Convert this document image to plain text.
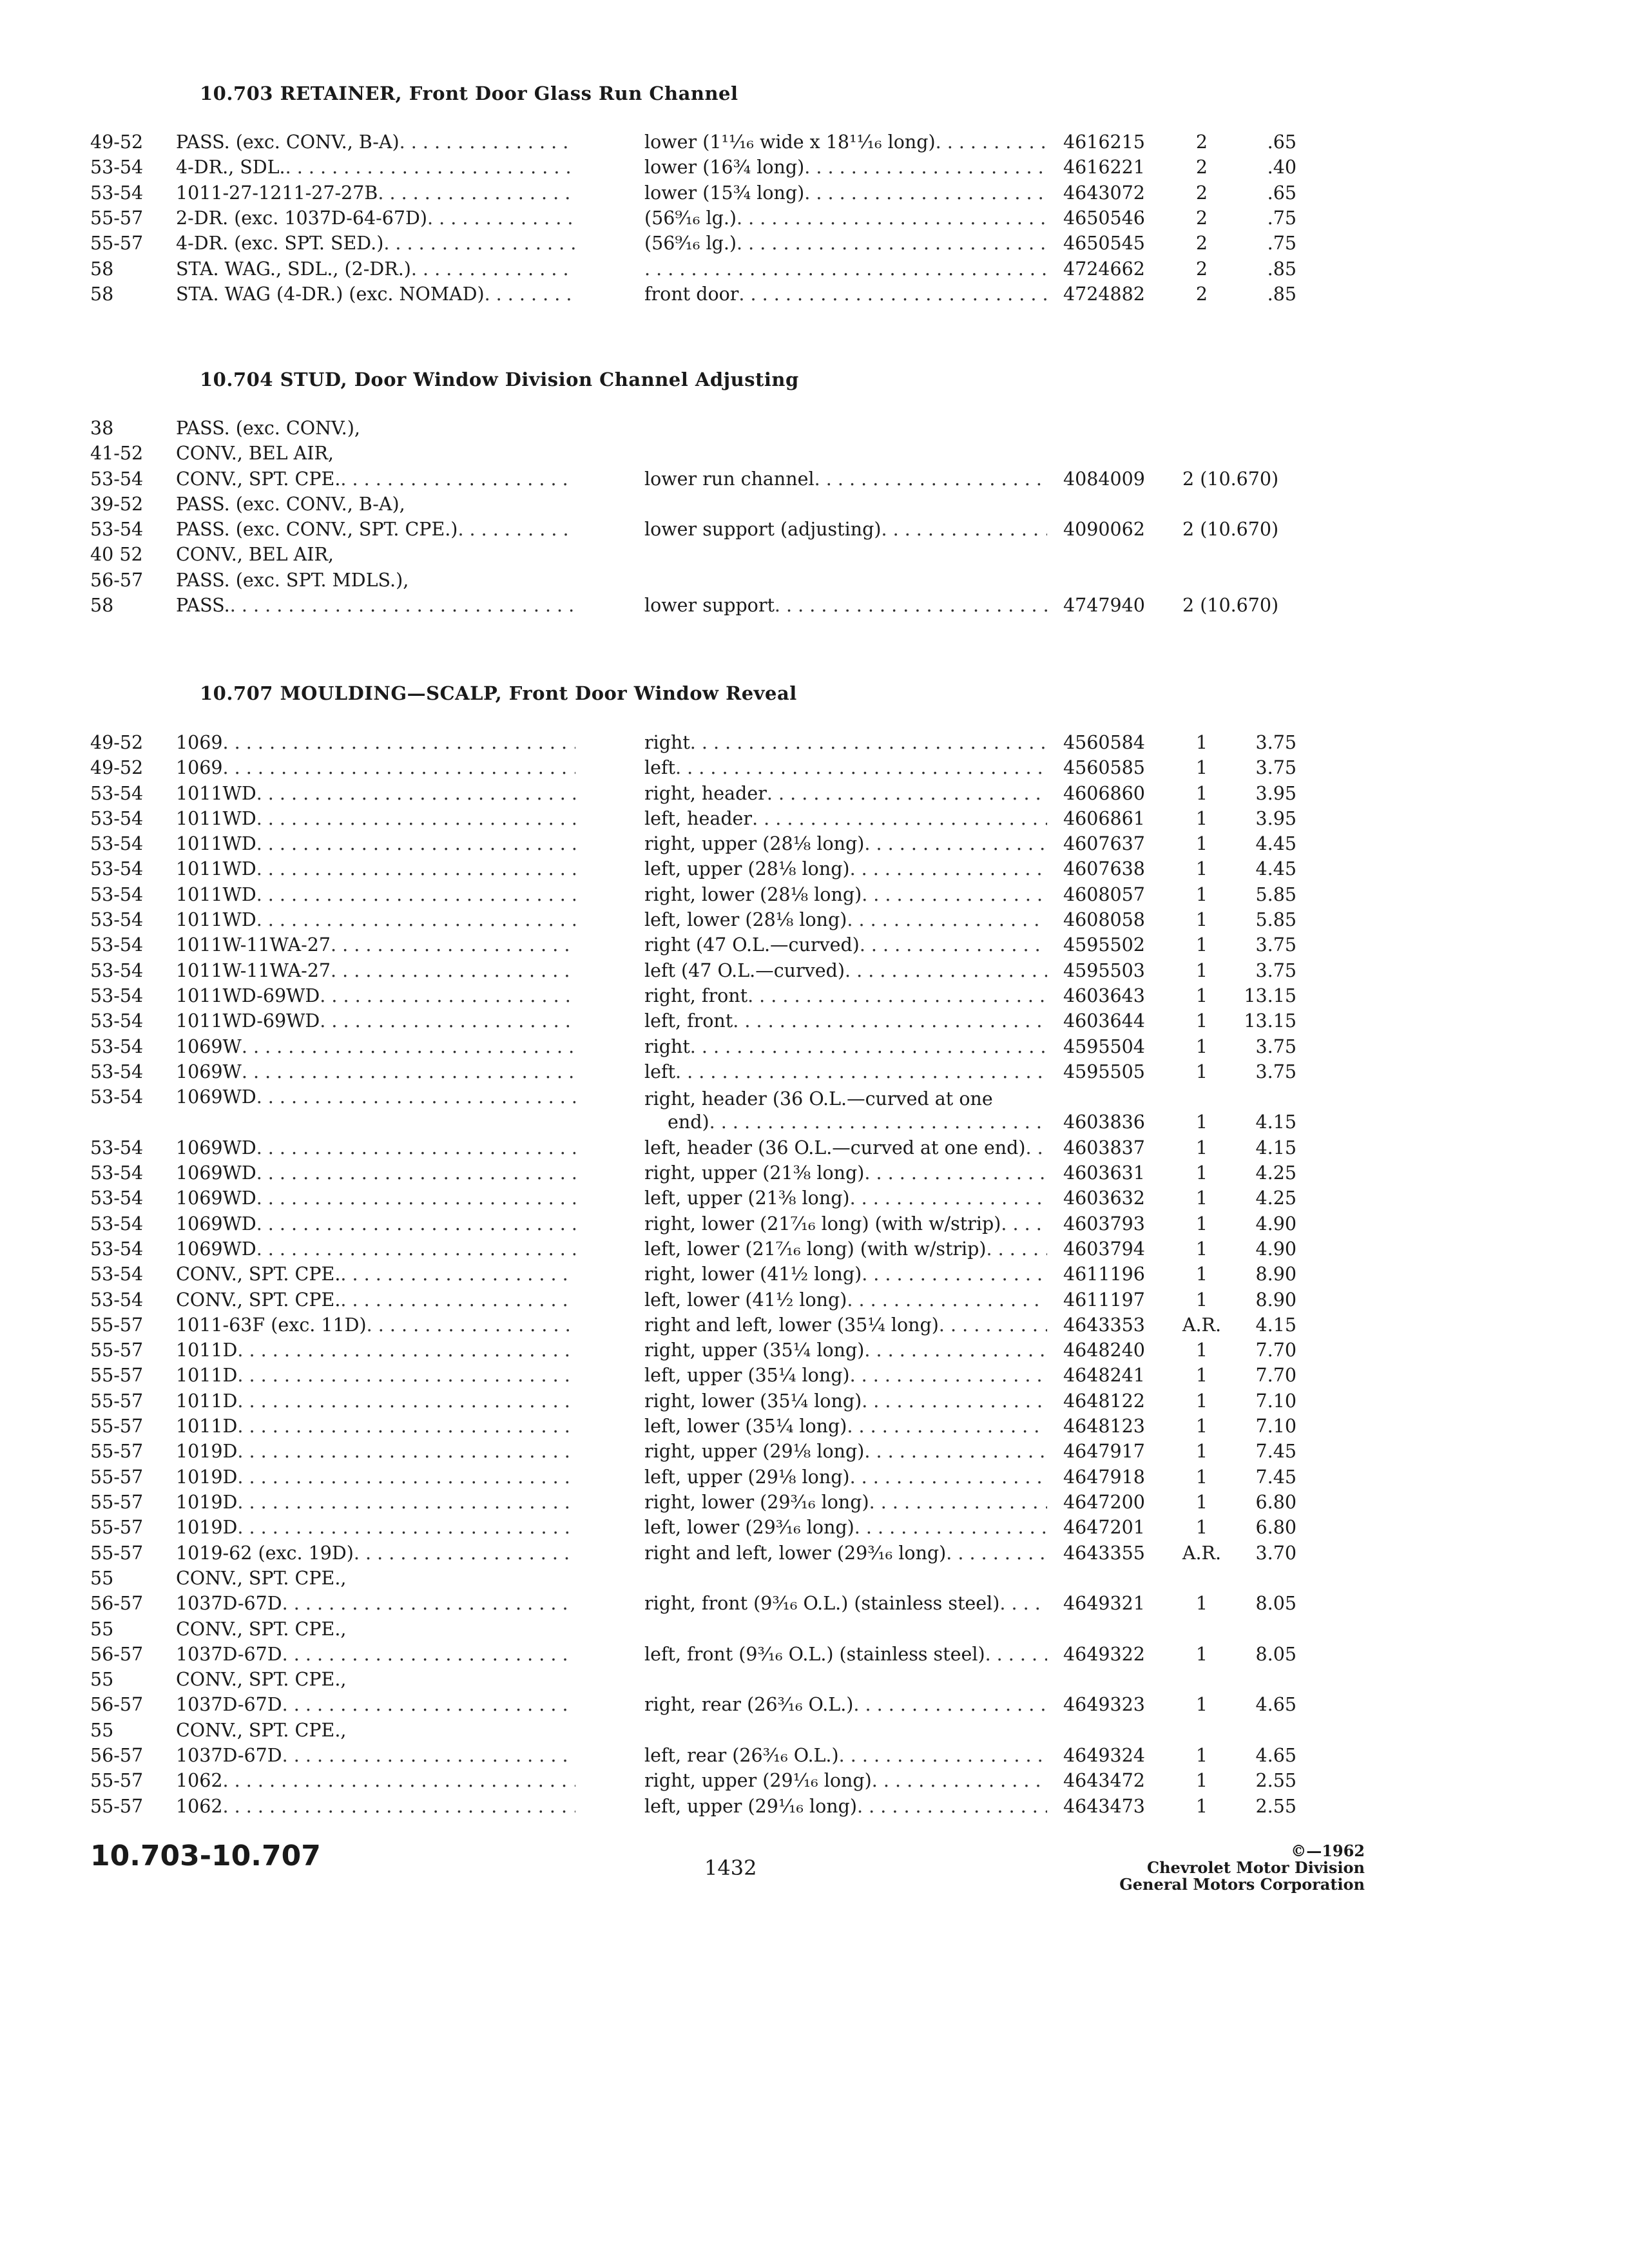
10.703 RETAINER, Front Door Glass Run Channel
49-52	PASS. (exc. CONV., B-A) . . .	lower (1¹¹⁄₁₆ wide x 18¹¹⁄₁₆ long) . . .	4616215	2	.65
53-54	4-DR., SDL. . . .	lower (16¾ long) . . .	4616221	2	.40
53-54	1011-27-1211-27-27B . . .	lower (15¾ long) . . .	4643072	2	.65
55-57	2-DR. (exc. 1037D-64-67D) . . .	(56⁹⁄₁₆ lg.) . . .	4650546	2	.75
55-57	4-DR. (exc. SPT. SED.) . . .	(56⁹⁄₁₆ lg.) . . .	4650545	2	.75
58	STA. WAG., SDL., (2-DR.) . . . . . .	4724662	2	.85
58	STA. WAG (4-DR.) (exc. NOMAD) . . .	front door . . .	4724882	2	.85
10.704 STUD, Door Window Division Channel Adjusting
38	PASS. (exc. CONV.),
41-52	CONV., BEL AIR,
53-54	CONV., SPT. CPE. . . .	lower run channel . . .	4084009	2 (10.670)
39-52	PASS. (exc. CONV., B-A),
53-54	PASS. (exc. CONV., SPT. CPE.) . . .	lower support (adjusting) . . .	4090062	2 (10.670)
40 52	CONV., BEL AIR,
56-57	PASS. (exc. SPT. MDLS.),
58	PASS. . . .	lower support . . .	4747940	2 (10.670)
10.707 MOULDING—SCALP, Front Door Window Reveal
49-52	1069 . . .	right . . .	4560584	1	3.75
49-52	1069 . . .	left . . .	4560585	1	3.75
53-54	1011WD . . .	right, header . . .	4606860	1	3.95
53-54	1011WD . . .	left, header . . .	4606861	1	3.95
53-54	1011WD . . .	right, upper (28⅛ long) . . .	4607637	1	4.45
53-54	1011WD . . .	left, upper (28⅛ long) . . .	4607638	1	4.45
53-54	1011WD . . .	right, lower (28⅛ long) . . .	4608057	1	5.85
53-54	1011WD . . .	left, lower (28⅛ long) . . .	4608058	1	5.85
53-54	1011W-11WA-27 . . .	right (47 O.L.—curved) . . .	4595502	1	3.75
53-54	1011W-11WA-27 . . .	left (47 O.L.—curved) . . .	4595503	1	3.75
53-54	1011WD-69WD . . .	right, front . . .	4603643	1	13.15
53-54	1011WD-69WD . . .	left, front . . .	4603644	1	13.15
53-54	1069W . . .	right . . .	4595504	1	3.75
53-54	1069W . . .	left . . .	4595505	1	3.75
53-54	1069WD . . .	right, header (36 O.L.—curved at one
end) . . .	4603836	1	4.15
53-54	1069WD . . .	left, header (36 O.L.—curved at one end) . . . 4603837	1	4.15
53-54	1069WD . . .	right, upper (21⅜ long) . . .	4603631	1	4.25
53-54	1069WD . . .	left, upper (21⅜ long) . . .	4603632	1	4.25
53-54	1069WD . . .	right, lower (21⁷⁄₁₆ long) (with w/strip) . . .	4603793	1	4.90
53-54	1069WD . . .	left, lower (21⁷⁄₁₆ long) (with w/strip) . . .	4603794	1	4.90
53-54	CONV., SPT. CPE. . . .	right, lower (41½ long) . . .	4611196	1	8.90
53-54	CONV., SPT. CPE. . . .	left, lower (41½ long) . . .	4611197	1	8.90
55-57	1011-63F (exc. 11D) . . .	right and left, lower (35¼ long) . . .	4643353	A.R.	4.15
55-57	1011D . . .	right, upper (35¼ long) . . .	4648240	1	7.70
55-57	1011D . . .	left, upper (35¼ long) . . .	4648241	1	7.70
55-57	1011D . . .	right, lower (35¼ long) . . .	4648122	1	7.10
55-57	1011D . . .	left, lower (35¼ long) . . .	4648123	1	7.10
55-57	1019D . . .	right, upper (29⅛ long) . . .	4647917	1	7.45
55-57	1019D . . .	left, upper (29⅛ long) . . .	4647918	1	7.45
55-57	1019D . . .	right, lower (29³⁄₁₆ long) . . .	4647200	1	6.80
55-57	1019D . . .	left, lower (29³⁄₁₆ long) . . .	4647201	1	6.80
55-57	1019-62 (exc. 19D) . . .	right and left, lower (29³⁄₁₆ long) . . .	4643355	A.R.	3.70
55	CONV., SPT. CPE.,
56-57	1037D-67D . . .	right, front (9³⁄₁₆ O.L.) (stainless steel) . . .	4649321	1	8.05
55	CONV., SPT. CPE.,
56-57	1037D-67D . . .	left, front (9³⁄₁₆ O.L.) (stainless steel) . . .	4649322	1	8.05
55	CONV., SPT. CPE.,
56-57	1037D-67D . . .	right, rear (26³⁄₁₆ O.L.) . . .	4649323	1	4.65
55	CONV., SPT. CPE.,
56-57	1037D-67D . . .	left, rear (26³⁄₁₆ O.L.) . . .	4649324	1	4.65
55-57	1062 . . .	right, upper (29¹⁄₁₆ long) . . .	4643472	1	2.55
55-57	1062 . . .	left, upper (29¹⁄₁₆ long) . . .	4643473	1	2.55
10.703-10.707	1432
©—1962
Chevrolet Motor Division
General Motors Corporation
